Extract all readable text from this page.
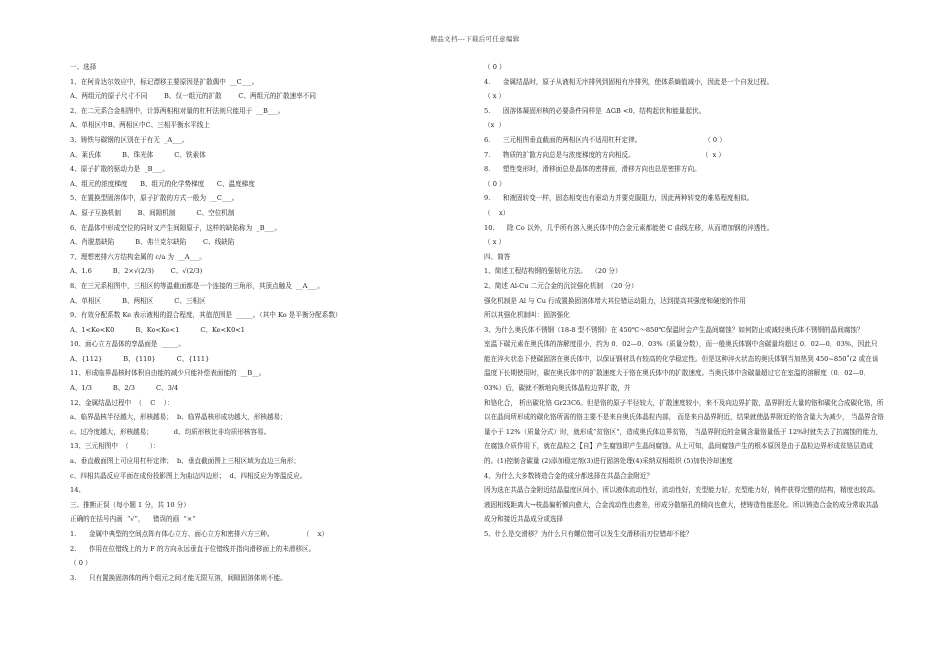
精品文档---下载后可任意编辑
一、选择
1、在柯肯达尔效应中，标记漂移主要原因是扩散偶中  __C___。
A、两组元的原子尺寸不同        B、仅一组元的扩散        C、两组元的扩散速率不同
2、在二元系合金相图中，计算两相相对量的杠杆法则只能用于  __B___。
A、单相区中B、两相区中C、三相平衡水平线上
3、铸铁与碳钢的区别在于有无  _A___。
A、莱氏体          B、珠光体          C、铁素体
4、原子扩散的驱动力是  _B___。
A、组元的浓度梯度      B、组元的化学势梯度      C、温度梯度
5、在置换型固溶体中，原子扩散的方式一般为  __C___。
A、原子互换机制        B、间隙机制          C、空位机制
6、在晶体中形成空位的同时又产生间隙原子，这样的缺陷称为  _B___。
A、肖脱基缺陷          B、弗兰克尔缺陷        C、线缺陷
7、理想密排六方结构金属的 c/a 为  __A___。
A、1.6          B、2×√(2/3)        C、√(2/3)
8、在三元系相图中，三相区的等温截面都是一个连接的三角形，其顶点触及  __A___。
A、单相区          B、两相区          C、三相区
9、有效分配系数 Ke 表示液相的混合程度，其值范围是  _____。（其中 Ko 是平衡分配系数）
A、1<Ke<K0          B、Ko<Ke<1          C、Ke<K0<1
10、面心立方晶体的孪晶面是  _____。
A、{112}          B、{110}          C、{111}
11、形成临界晶核时体积自由能的减少只能补偿表面能的  __B__。
A、1/3          B、2/3          C、3/4
12、金属结晶过程中  （    C    ）：
a、临界晶核半径越大，形核越易；  b、临界晶核形成功越大，形核越易；
c、过冷度越大，形核越易；          d、均质形核比非均质形核容易。
13、三元相图中  （          ）：
a、垂直截面图上可应用杠杆定律；  b、垂直截面图上三相区域为直边三角形；
c、四相共晶反应平面在成份投影图上为曲边四边形；  d、四相反应为等温反应。
14、
三、推断正误（每小题 1 分，共 10 分）
正确的在括号内画  “√”，    错误的画  “×”
1.      金属中典型的空间点阵有体心立方、面心立方和密排六方三种。              （    x）
2.      作用在位错线上的力 F 的方向永远垂直于位错线并指向滑移面上的未滑移区。
（ 0 ）
3.      只有置换固溶体的两个组元之间才能无限互溶，间隙固溶体则不能。
（ 0 ）
4.      金属结晶时，原子从液相无序排列到固相有序排列，使体系熵值减小，因此是一个自发过程。
（ x ）
5.      固溶体凝固形核的必要条件同样是  ΔGB <0、结构起伏和能量起伏。
（x  ）
6.      三元相图垂直截面的两相区内不适用杠杆定律。                              （ 0 ）
7.      物质的扩散方向总是与浓度梯度的方向相反。                                （  x ）
8.      塑性变形时，滑移面总是晶体的密排面，滑移方向也总是密排方向。
（ 0 ）
9.      和液固转变一样，固态相变也有驱动力并要克服阻力，因此两种转变的难易程度相似。
（    x）
10.      除 Co 以外，几乎所有溶入奥氏体中的合金元素都能使 C 曲线左移，从而增加钢的淬透性。
（ x ）
四、简答
1、简述工程结构钢的强韧化方法。  （20 分）
2、简述 Al-Cu 二元合金的沉淀强化机制  （20 分）
强化机制是 Al 与 Cu 行成置换固溶体增大其位错运动阻力，达到提高其强度和硬度的作用
所以其强化机制叫：固溶强化
3、为什么奥氏体不锈钢（18-8 型不锈钢）在 450℃～850℃保温时会产生晶间腐蚀？如何防止或减轻奥氏体不锈钢的晶间腐蚀？
室温下碳元素在奥氏体的溶解度很小，约为 0．02—0．03%（质量分数），而一般奥氏体钢中含碳量均超过 0．02—0．03%，因此只能在淬火状态下使碳固溶在奥氏体中，以保证钢材具有较高的化学稳定性。但是这种淬火状态的奥氏体钢当加热到 450~850˚(2 或在该温度下长期使用时，碳在奥氏体中的扩散速度大于铬在奥氏体中的扩散速度。当奥氏体中含碳量超过它在室温的溶解度（0．02—0．03%）后，碳就不断地向奥氏体晶粒边界扩散，并
和铬化合， 析出碳化铬 Gr23C6。但是铬的原子半径较大，扩散速度较小，来不及向边界扩散，晶界附近大量的铬和碳化合成碳化铬，所以在晶间所形成的碳化铬所需的铬主要不是来自奥氏体晶粒内部， 而是来自晶界附近，结果就使晶界附近的铬含量大为减少， 当晶界含铬量小于 12%（质量分式）时，就形成“贫铬区”，造成奥氏体边界贫铬， 当晶界附近的金属含量铬量低于 12%时就失去了抗腐蚀的能力，在腐蚀介质作用下，就在晶粒之【自】产生腐蚀即产生晶间腐蚀。从上可知，晶间腐蚀产生的根本原因是由于晶粒边界形成贫铬层造成的。(1)控制含碳量 (2)添加稳定剂(3)进行固溶处理(4)采纳双相组织 (5)加快冷却速度
4、为什么大多数铸造合金的成分都选择在共晶合金附近？
因为选在共晶合金附近结晶温度区间小，所以液体流动性好，流动性好，充型能力好，充型能力好，铸件获得完整的结构，精度也较高。
液固相线距离大→枝晶偏析倾向愈大，合金流动性也愈差，形成分散缩孔的倾向也愈大，使铸造性能恶化。所以铸造合金的成分常取共晶成分和接近共晶成分或选择
5、什么是交滑移？为什么只有螺位错可以发生交滑移而刃位错却不能？
